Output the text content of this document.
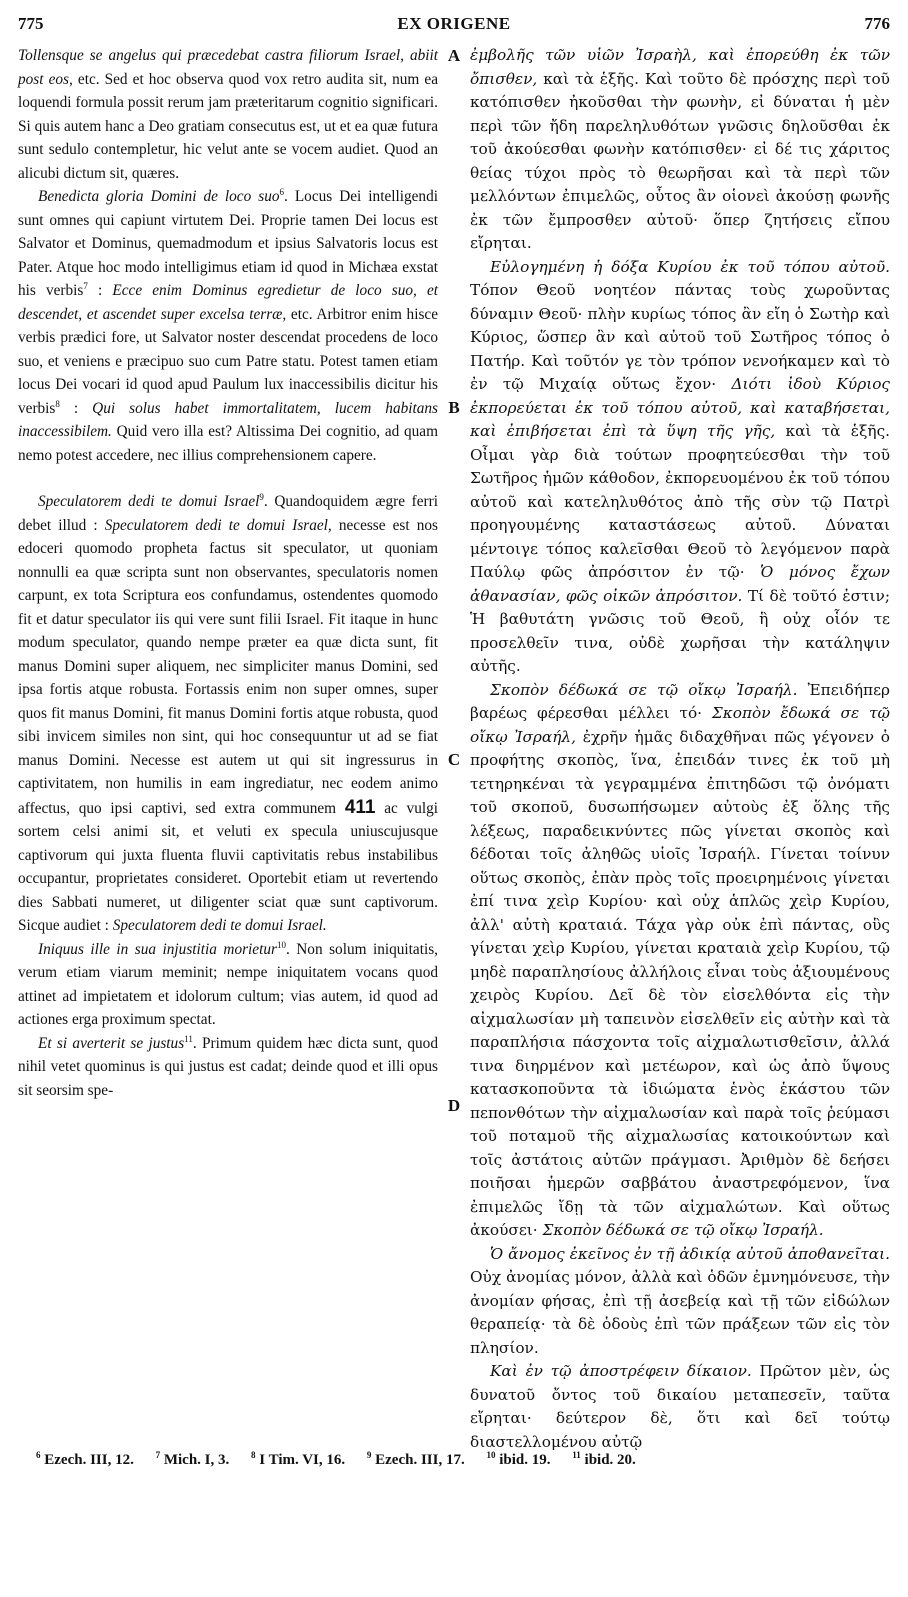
775	EX ORIGENE	776
A
B
C
D

Tollensque se angelus qui præcedebat castra filiorum Israel, abiit post eos, etc. Sed et hoc observa quod vox retro audita sit, num ea loquendi formula possit rerum jam præteritarum cognitio significari. Si quis autem hanc a Deo gratiam consecutus est, ut et ea quæ futura sunt sedulo contempletur, hic velut ante se vocem audiet. Quod an alicubi dictum sit, quæres.

Benedicta gloria Domini de loco suo$^6$. Locus Dei intelligendi sunt omnes qui capiunt virtutem Dei. Proprie tamen Dei locus est Salvator et Dominus, quemadmodum et ipsius Salvatoris locus est Pater. Atque hoc modo intelligimus etiam id quod in Michæa exstat his verbis$^7$ : Ecce enim Dominus egredietur de loco suo, et descendet, et ascendet super excelsa terræ, etc. Arbitror enim hisce verbis prædici fore, ut Salvator noster descendat procedens de loco suo, et veniens e præcipuo suo cum Patre statu. Potest tamen etiam locus Dei vocari id quod apud Paulum lux inaccessibilis dicitur his verbis$^8$ : Qui solus habet immortalitatem, lucem habitans inaccessibilem. Quid vero illa est? Altissima Dei cognitio, ad quam nemo potest accedere, nec illius comprehensionem capere.

Speculatorem dedi te domui Israel$^9$. Quandoquidem ægre ferri debet illud : Speculatorem dedi te domui Israel, necesse est nos edoceri quomodo propheta factus sit speculator, ut quoniam nonnulli ea quæ scripta sunt non observantes, speculatoris nomen carpunt, ex tota Scriptura eos confundamus, ostendentes quomodo fit et datur speculator iis qui vere sunt filii Israel. Fit itaque in hunc modum speculator, quando nempe præter ea quæ dicta sunt, fit manus Domini super aliquem, nec simpliciter manus Domini, sed ipsa fortis atque robusta. Fortassis enim non super omnes, super quos fit manus Domini, fit manus Domini fortis atque robusta, quod sibi invicem similes non sint, qui hoc consequuntur ut ad se fiat manus Domini. Necesse est autem ut qui sit ingressurus in captivitatem, non humilis in eam ingrediatur, nec eodem animo affectus, quo ipsi captivi, sed extra communem 411 ac vulgi sortem celsi animi sit, et veluti ex specula uniuscujusque captivorum qui juxta fluenta fluvii captivitatis rebus instabilibus occupantur, proprietates consideret. Oportebit etiam ut revertendo dies Sabbati numeret, ut diligenter sciat quæ sunt captivorum. Sicque audiet : Speculatorem dedi te domui Israel.

Iniquus ille in sua injustitia morietur$^{10}$. Non solum iniquitatis, verum etiam viarum meminit; nempe iniquitatem vocans quod attinet ad impietatem et idolorum cultum; vias autem, id quod ad actiones erga proximum spectat.

Et si averterit se justus$^{11}$. Primum quidem hæc dicta sunt, quod nihil vetet quominus is qui justus est cadat; deinde quod et illi opus sit seorsim spe-

ἐμβολῆς τῶν υἱῶν Ἰσραὴλ, καὶ ἐπορεύθη ἐκ τῶν ὄπισθεν, καὶ τὰ ἑξῆς. Καὶ τοῦτο δὲ πρόσχης περὶ τοῦ κατόπισθεν ἠκοῦσθαι τὴν φωνὴν, εἰ δύναται ἡ μὲν περὶ τῶν ἤδη παρεληλυθότων γνῶσις δηλοῦσθαι ἐκ τοῦ ἀκούεσθαι φωνὴν κατόπισθεν· εἰ δέ τις χάριτος θείας τύχοι πρὸς τὸ θεωρῆσαι καὶ τὰ περὶ τῶν μελλόντων ἐπιμελῶς, οὗτος ἂν οἱονεὶ ἀκούσῃ φωνῆς ἐκ τῶν ἔμπροσθεν αὐτοῦ· ὅπερ ζητήσεις εἴπου εἴρηται.

Εὐλογημένη ἡ δόξα Κυρίου ἐκ τοῦ τόπου αὐτοῦ. Τόπον Θεοῦ νοητέον πάντας τοὺς χωροῦντας δύναμιν Θεοῦ· πλὴν κυρίως τόπος ἂν εἴη ὁ Σωτὴρ καὶ Κύριος, ὥσπερ ἂν καὶ αὐτοῦ τοῦ Σωτῆρος τόπος ὁ Πατήρ. Καὶ τοῦτόν γε τὸν τρόπον νενοήκαμεν καὶ τὸ ἐν τῷ Μιχαίᾳ οὕτως ἔχον· Διότι ἰδοὺ Κύριος ἐκπορεύεται ἐκ τοῦ τόπου αὐτοῦ, καὶ καταβήσεται, καὶ ἐπιβήσεται ἐπὶ τὰ ὕψη τῆς γῆς, καὶ τὰ ἑξῆς. Οἶμαι γὰρ διὰ τούτων προφητεύεσθαι τὴν τοῦ Σωτῆρος ἡμῶν κάθοδον, ἐκπορευομένου ἐκ τοῦ τόπου αὐτοῦ καὶ κατεληλυθότος ἀπὸ τῆς σὺν τῷ Πατρὶ προηγουμένης καταστάσεως αὐτοῦ. Δύναται μέντοιγε τόπος καλεῖσθαι Θεοῦ τὸ λεγόμενον παρὰ Παύλῳ φῶς ἀπρόσιτον ἐν τῷ· Ὁ μόνος ἔχων ἀθανασίαν, φῶς οἰκῶν ἀπρόσιτον. Τί δὲ τοῦτό ἐστιν; Ἡ βαθυτάτη γνῶσις τοῦ Θεοῦ, ἣ οὐχ οἷόν τε προσελθεῖν τινα, οὐδὲ χωρῆσαι τὴν κατάληψιν αὐτῆς.

Σκοπὸν δέδωκά σε τῷ οἴκῳ Ἰσραήλ. Ἐπειδήπερ βαρέως φέρεσθαι μέλλει τό· Σκοπὸν ἔδωκά σε τῷ οἴκῳ Ἰσραήλ, ἐχρῆν ἡμᾶς διδαχθῆναι πῶς γέγονεν ὁ προφήτης σκοπὸς, ἵνα, ἐπειδάν τινες ἐκ τοῦ μὴ τετηρηκέναι τὰ γεγραμμένα ἐπιτηδῶσι τῷ ὀνόματι τοῦ σκοποῦ, δυσωπήσωμεν αὐτοὺς ἐξ ὅλης τῆς λέξεως, παραδεικνύντες πῶς γίνεται σκοπὸς καὶ δέδοται τοῖς ἀληθῶς υἱοῖς Ἰσραήλ. Γίνεται τοίνυν οὕτως σκοπὸς, ἐπὰν πρὸς τοῖς προειρημένοις γίνεται ἐπί τινα χεὶρ Κυρίου· καὶ οὐχ ἁπλῶς χεὶρ Κυρίου, ἀλλ' αὐτὴ κραταιά. Τάχα γὰρ οὐκ ἐπὶ πάντας, οὓς γίνεται χεὶρ Κυρίου, γίνεται κραταιὰ χεὶρ Κυρίου, τῷ μηδὲ παραπλησίους ἀλλήλοις εἶναι τοὺς ἀξιουμένους χειρὸς Κυρίου. Δεῖ δὲ τὸν εἰσελθόντα εἰς τὴν αἰχμαλωσίαν μὴ ταπεινὸν εἰσελθεῖν εἰς αὐτὴν καὶ τὰ παραπλήσια πάσχοντα τοῖς αἰχμαλωτισθεῖσιν, ἀλλά τινα διηρμένον καὶ μετέωρον, καὶ ὡς ἀπὸ ὕψους κατασκοποῦντα τὰ ἰδιώματα ἑνὸς ἑκάστου τῶν πεπονθότων τὴν αἰχμαλωσίαν καὶ παρὰ τοῖς ῥεύμασι τοῦ ποταμοῦ τῆς αἰχμαλωσίας κατοικούντων καὶ τοῖς ἀστάτοις αὐτῶν πράγμασι. Ἀριθμὸν δὲ δεήσει ποιῆσαι ἡμερῶν σαββάτου ἀναστρεφόμενον, ἵνα ἐπιμελῶς ἴδῃ τὰ τῶν αἰχμαλώτων. Καὶ οὕτως ἀκούσει· Σκοπὸν δέδωκά σε τῷ οἴκῳ Ἰσραήλ.

Ὁ ἄνομος ἐκεῖνος ἐν τῇ ἀδικίᾳ αὐτοῦ ἀποθανεῖται. Οὐχ ἀνομίας μόνον, ἀλλὰ καὶ ὁδῶν ἐμνημόνευσε, τὴν ἀνομίαν φήσας, ἐπὶ τῇ ἀσεβείᾳ καὶ τῇ τῶν εἰδώλων θεραπείᾳ· τὰ δὲ ὁδοὺς ἐπὶ τῶν πράξεων τῶν εἰς τὸν πλησίον.

Καὶ ἐν τῷ ἀποστρέφειν δίκαιον. Πρῶτον μὲν, ὡς δυνατοῦ ὄντος τοῦ δικαίου μεταπεσεῖν, ταῦτα εἴρηται· δεύτερον δὲ, ὅτι καὶ δεῖ τούτῳ διαστελλομένου αὐτῷ

$^6$ Ezech. III, 12. $^7$ Mich. I, 3. $^8$ I Tim. VI, 16. $^9$ Ezech. III, 17. $^{10}$ ibid. 19. $^{11}$ ibid. 20.
